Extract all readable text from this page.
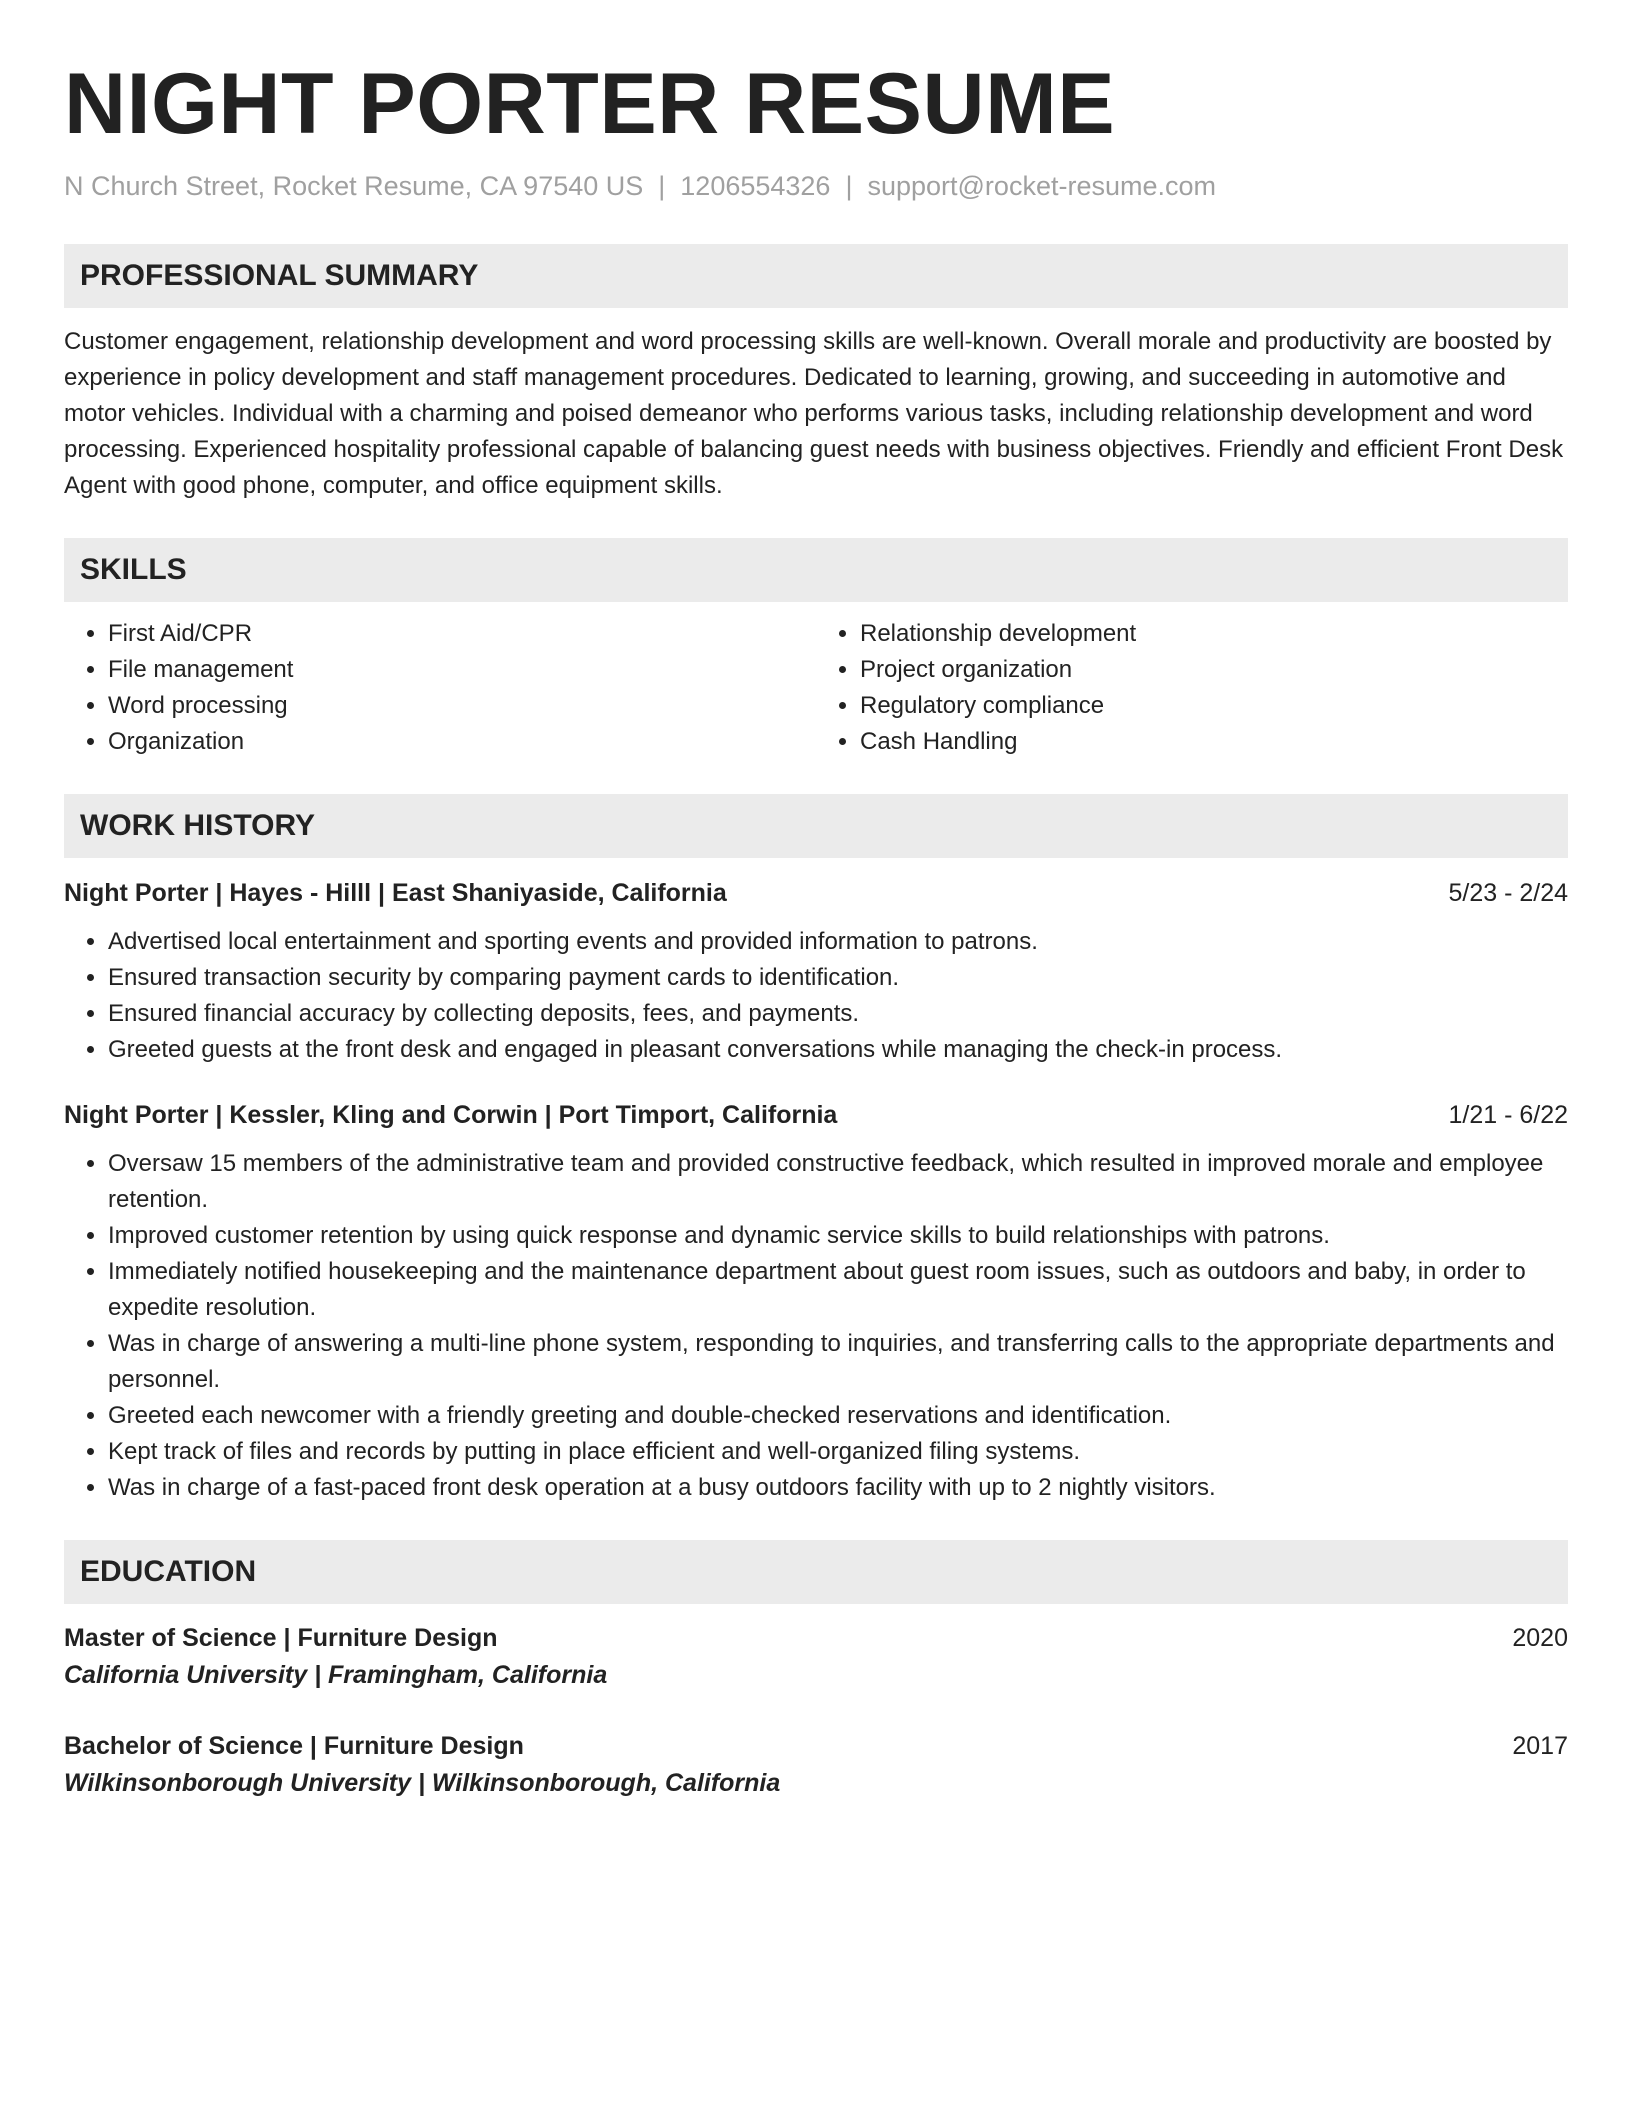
NIGHT PORTER RESUME
N Church Street, Rocket Resume, CA 97540 US | 1206554326 | support@rocket-resume.com
PROFESSIONAL SUMMARY

Customer engagement, relationship development and word processing skills are well-known. Overall morale and productivity are boosted by experience in policy development and staff management procedures. Dedicated to learning, growing, and succeeding in automotive and motor vehicles. Individual with a charming and poised demeanor who performs various tasks, including relationship development and word processing. Experienced hospitality professional capable of balancing guest needs with business objectives. Friendly and efficient Front Desk Agent with good phone, computer, and office equipment skills.

SKILLS
• First Aid/CPR
• File management
• Word processing
• Organization
• Relationship development
• Project organization
• Regulatory compliance
• Cash Handling
WORK HISTORY
Night Porter | Hayes - Hilll | East Shaniyaside, California	5/23 - 2/24
• Advertised local entertainment and sporting events and provided information to patrons.
• Ensured transaction security by comparing payment cards to identification.
• Ensured financial accuracy by collecting deposits, fees, and payments.
• Greeted guests at the front desk and engaged in pleasant conversations while managing the check-in process.
Night Porter | Kessler, Kling and Corwin | Port Timport, California	1/21 - 6/22
• Oversaw 15 members of the administrative team and provided constructive feedback, which resulted in improved morale and employee retention.
• Improved customer retention by using quick response and dynamic service skills to build relationships with patrons.
• Immediately notified housekeeping and the maintenance department about guest room issues, such as outdoors and baby, in order to expedite resolution.
• Was in charge of answering a multi-line phone system, responding to inquiries, and transferring calls to the appropriate departments and personnel.
• Greeted each newcomer with a friendly greeting and double-checked reservations and identification.
• Kept track of files and records by putting in place efficient and well-organized filing systems.
• Was in charge of a fast-paced front desk operation at a busy outdoors facility with up to 2 nightly visitors.
EDUCATION
Master of Science | Furniture Design	2020
California University | Framingham, California
Bachelor of Science | Furniture Design	2017
Wilkinsonborough University | Wilkinsonborough, California
